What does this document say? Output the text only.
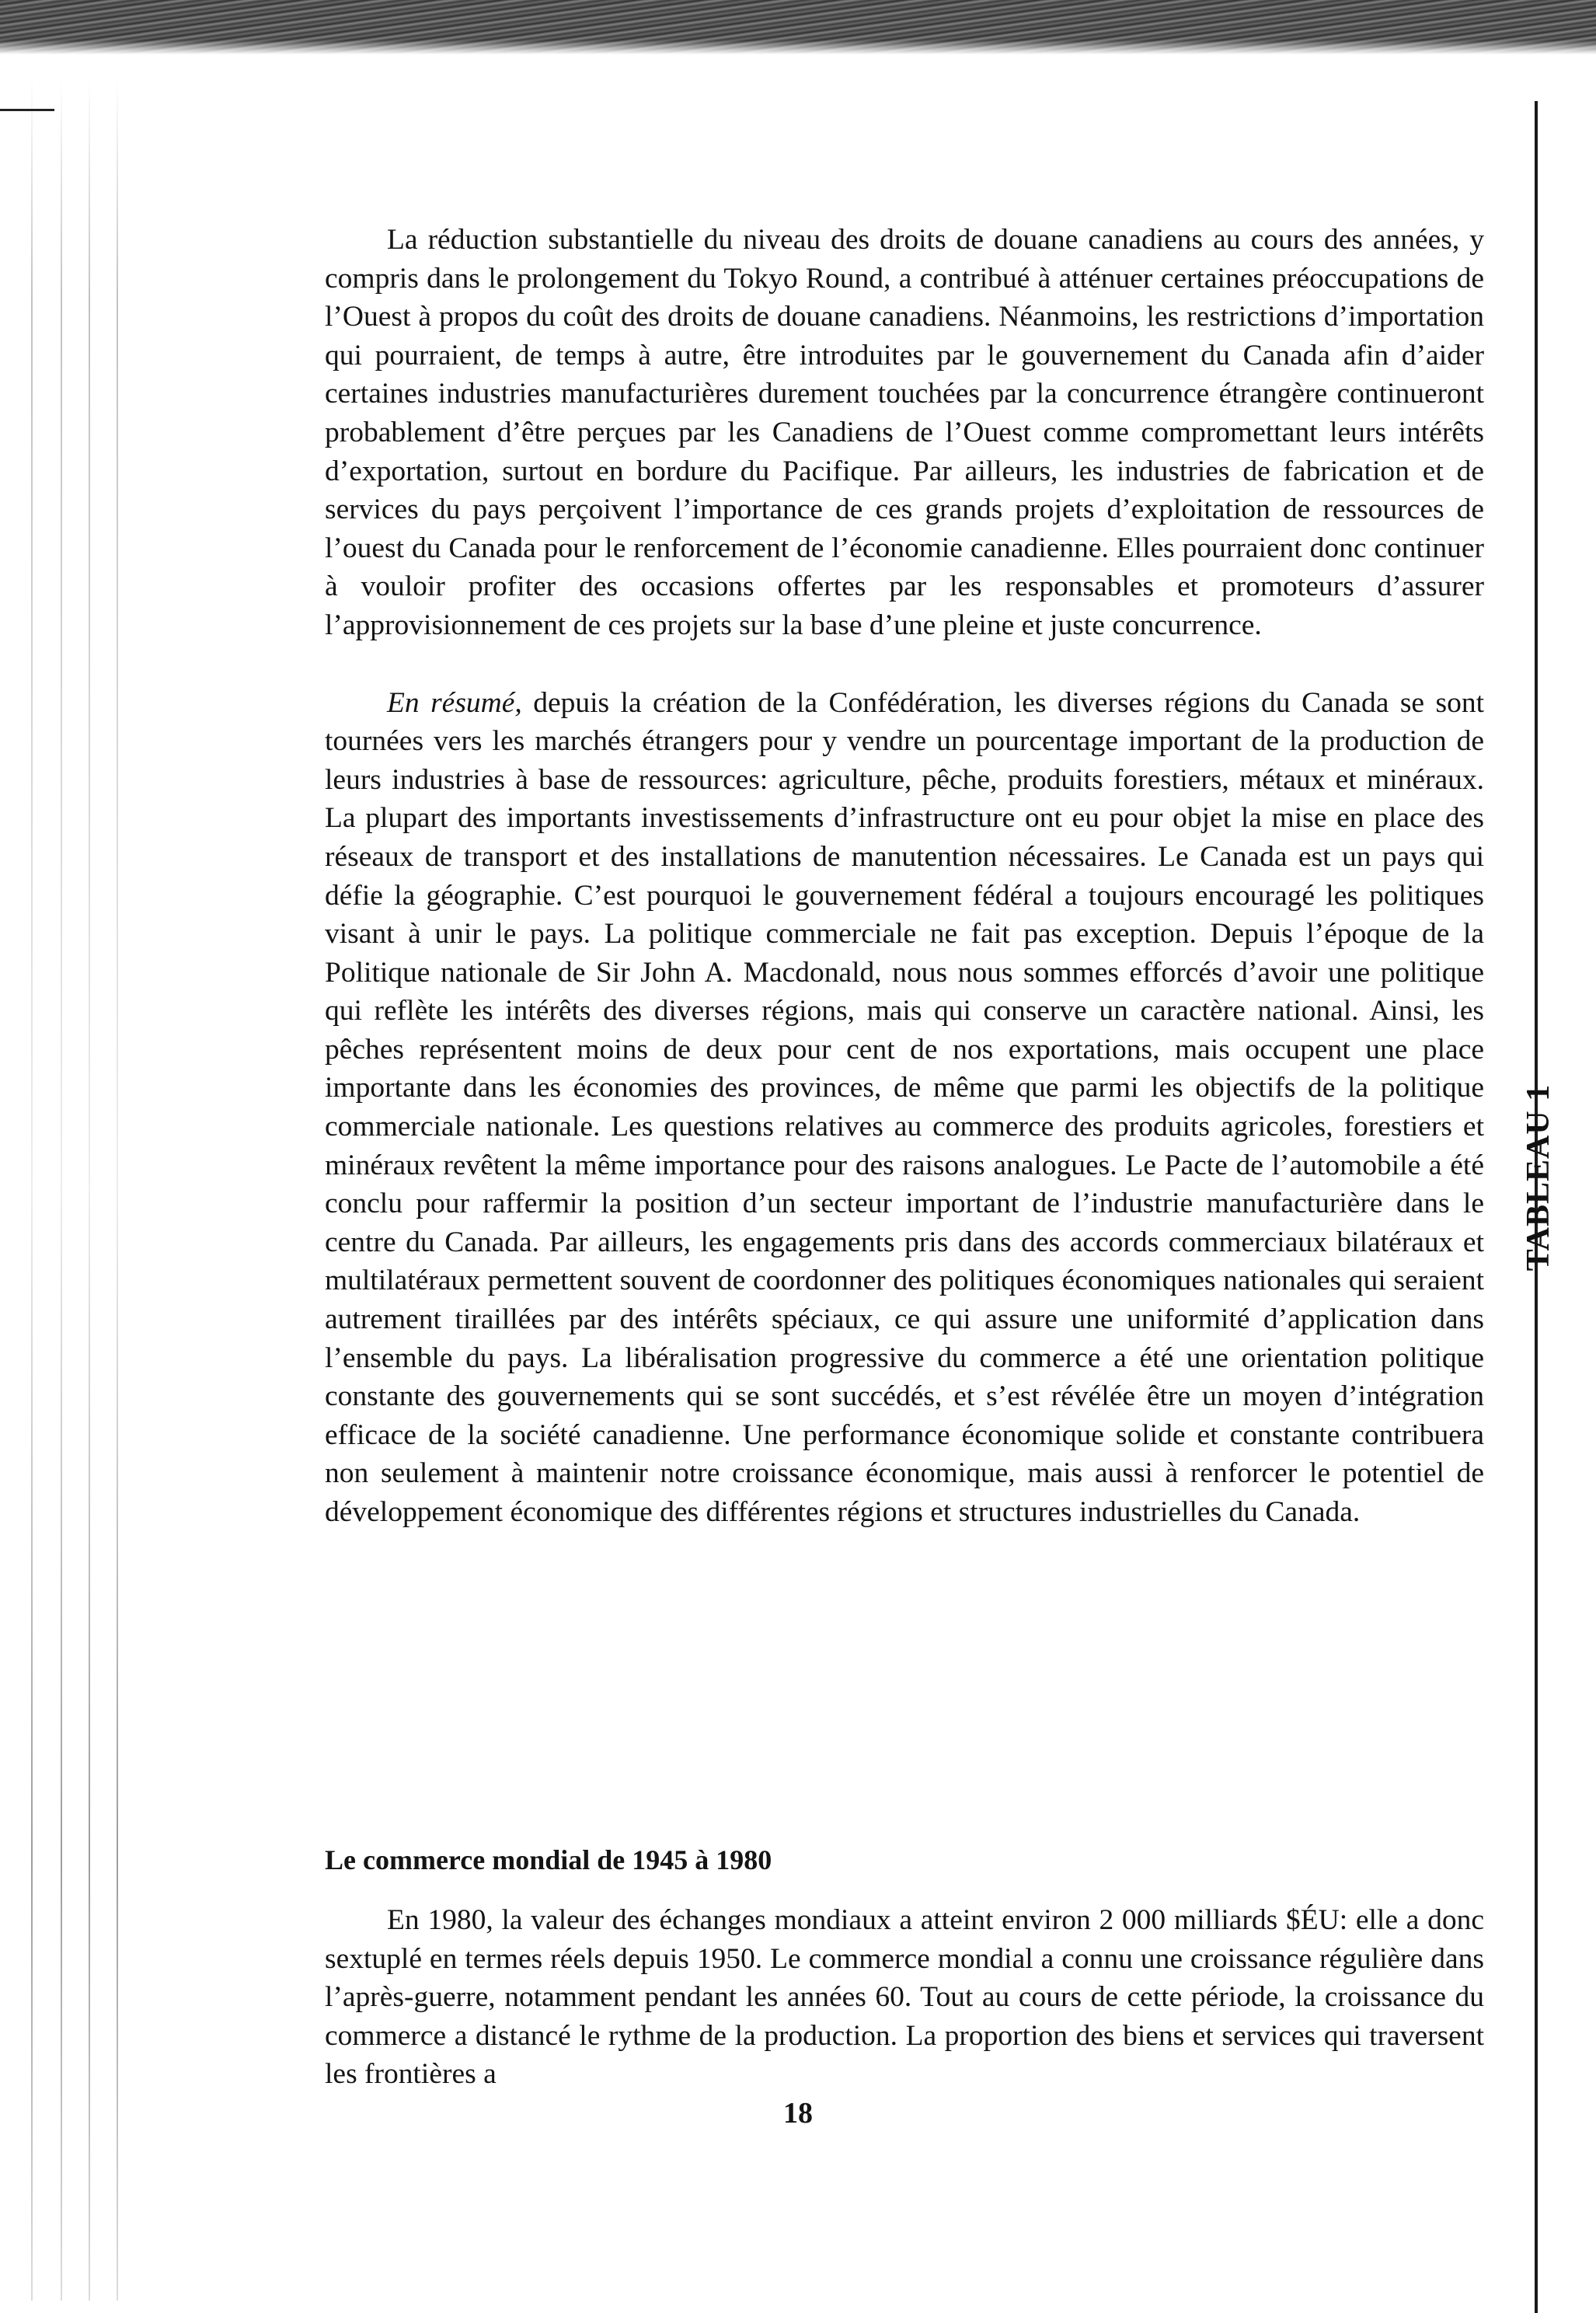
TABLEAU 1

La réduction substantielle du niveau des droits de douane canadiens au cours des années, y compris dans le prolongement du Tokyo Round, a contribué à atténuer certaines préoccupations de l’Ouest à propos du coût des droits de douane canadiens. Néanmoins, les restrictions d’importation qui pourraient, de temps à autre, être introduites par le gouvernement du Canada afin d’aider certaines industries manufacturières durement touchées par la concurrence étrangère continueront probablement d’être perçues par les Canadiens de l’Ouest comme compromettant leurs intérêts d’exportation, surtout en bordure du Pacifique. Par ailleurs, les industries de fabrication et de services du pays perçoivent l’importance de ces grands projets d’exploitation de ressources de l’ouest du Canada pour le renforcement de l’économie canadienne. Elles pourraient donc continuer à vouloir profiter des occasions offertes par les responsables et promoteurs d’assurer l’approvisionnement de ces projets sur la base d’une pleine et juste concurrence.

En résumé, depuis la création de la Confédération, les diverses régions du Canada se sont tournées vers les marchés étrangers pour y vendre un pourcentage important de la production de leurs industries à base de ressources: agriculture, pêche, produits forestiers, métaux et minéraux. La plupart des importants investissements d’infrastructure ont eu pour objet la mise en place des réseaux de transport et des installations de manutention nécessaires. Le Canada est un pays qui défie la géographie. C’est pourquoi le gouvernement fédéral a toujours encouragé les politiques visant à unir le pays. La politique commerciale ne fait pas exception. Depuis l’époque de la Politique nationale de Sir John A. Macdonald, nous nous sommes efforcés d’avoir une politique qui reflète les intérêts des diverses régions, mais qui conserve un caractère national. Ainsi, les pêches représentent moins de deux pour cent de nos exportations, mais occupent une place importante dans les économies des provinces, de même que parmi les objectifs de la politique commerciale nationale. Les questions relatives au commerce des produits agricoles, forestiers et minéraux revêtent la même importance pour des raisons analogues. Le Pacte de l’automobile a été conclu pour raffermir la position d’un secteur important de l’industrie manufacturière dans le centre du Canada. Par ailleurs, les engagements pris dans des accords commerciaux bilatéraux et multilatéraux permettent souvent de coordonner des politiques économiques nationales qui seraient autrement tiraillées par des intérêts spéciaux, ce qui assure une uniformité d’application dans l’ensemble du pays. La libéralisation progressive du commerce a été une orientation politique constante des gouvernements qui se sont succédés, et s’est révélée être un moyen d’intégration efficace de la société canadienne. Une performance économique solide et constante contribuera non seulement à maintenir notre croissance économique, mais aussi à renforcer le potentiel de développement économique des différentes régions et structures industrielles du Canada.

Le commerce mondial de 1945 à 1980

En 1980, la valeur des échanges mondiaux a atteint environ 2 000 milliards $ÉU: elle a donc sextuplé en termes réels depuis 1950. Le commerce mondial a connu une croissance régulière dans l’après-guerre, notamment pendant les années 60. Tout au cours de cette période, la croissance du commerce a distancé le rythme de la production. La proportion des biens et services qui traversent les frontières a

18
